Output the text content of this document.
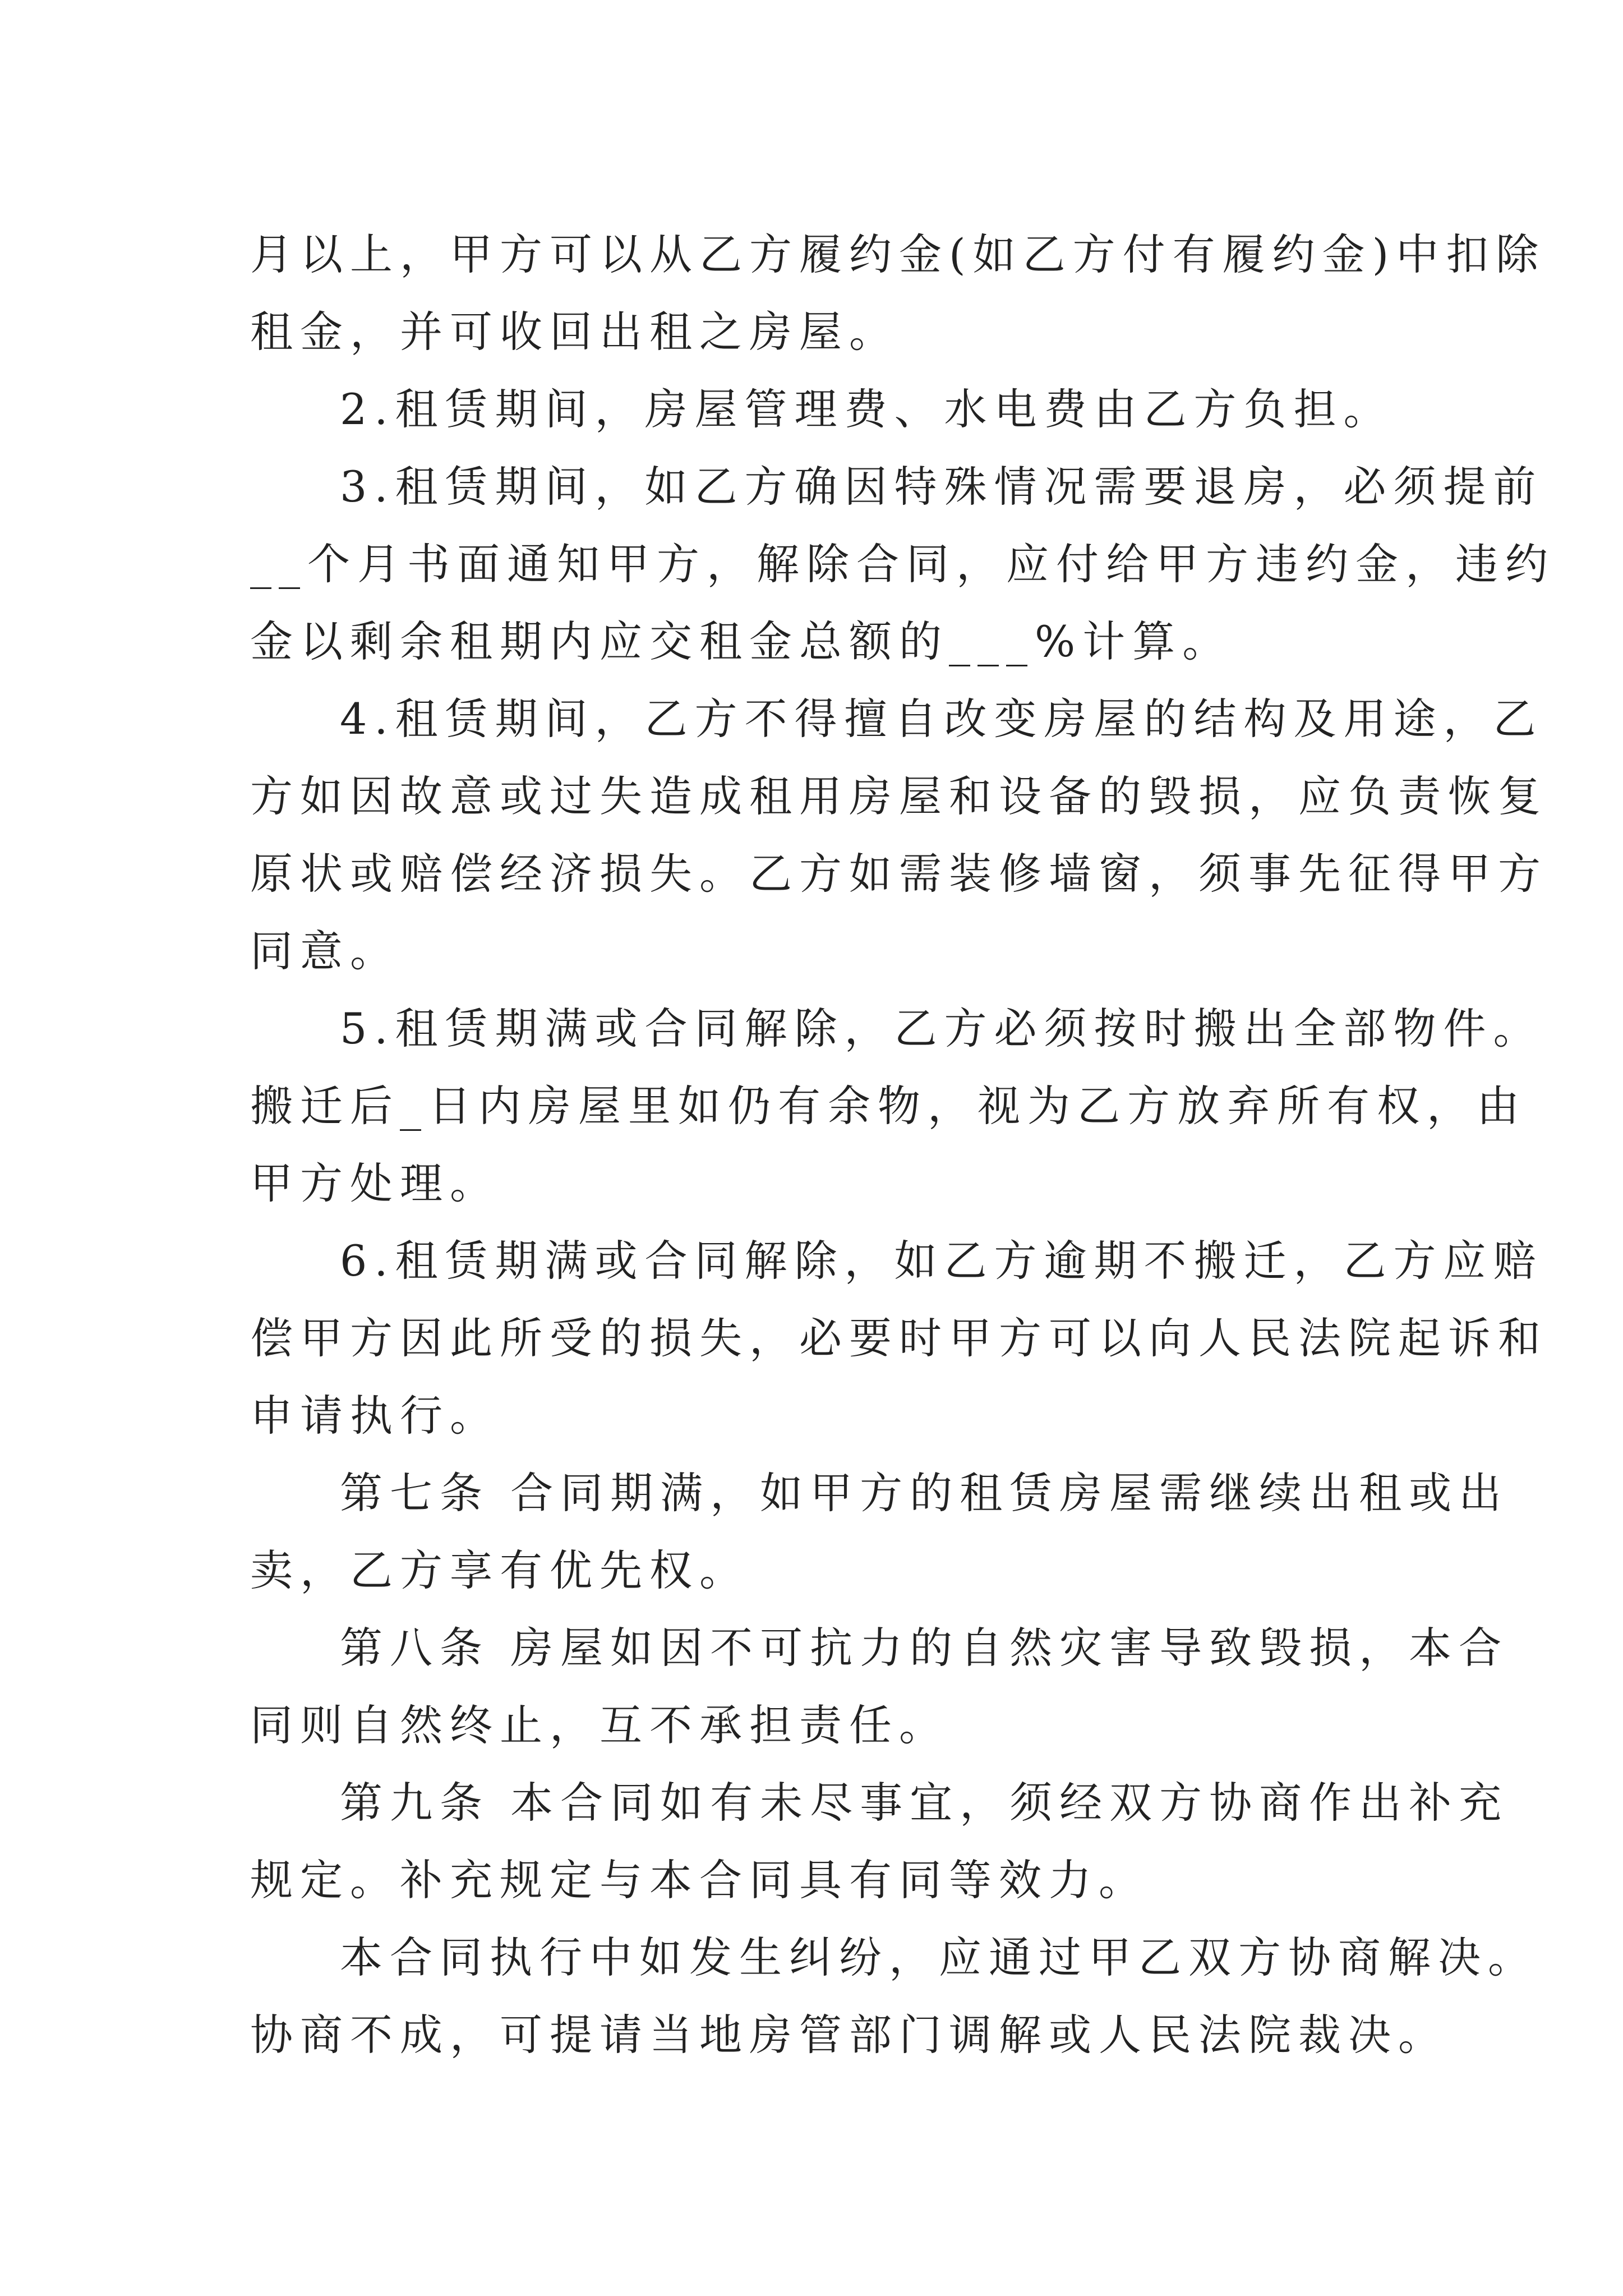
月以上，甲方可以从乙方履约金(如乙方付有履约金)中扣除
租金，并可收回出租之房屋。
2.租赁期间，房屋管理费、水电费由乙方负担。
3.租赁期间，如乙方确因特殊情况需要退房，必须提前
__个月书面通知甲方，解除合同，应付给甲方违约金，违约
金以剩余租期内应交租金总额的___%计算。
4.租赁期间，乙方不得擅自改变房屋的结构及用途，乙
方如因故意或过失造成租用房屋和设备的毁损，应负责恢复
原状或赔偿经济损失。乙方如需装修墙窗，须事先征得甲方
同意。
5.租赁期满或合同解除，乙方必须按时搬出全部物件。
搬迁后_日内房屋里如仍有余物，视为乙方放弃所有权，由
甲方处理。
6.租赁期满或合同解除，如乙方逾期不搬迁，乙方应赔
偿甲方因此所受的损失，必要时甲方可以向人民法院起诉和
申请执行。
第七条 合同期满，如甲方的租赁房屋需继续出租或出
卖，乙方享有优先权。
第八条 房屋如因不可抗力的自然灾害导致毁损，本合
同则自然终止，互不承担责任。
第九条 本合同如有未尽事宜，须经双方协商作出补充
规定。补充规定与本合同具有同等效力。
本合同执行中如发生纠纷，应通过甲乙双方协商解决。
协商不成，可提请当地房管部门调解或人民法院裁决。
